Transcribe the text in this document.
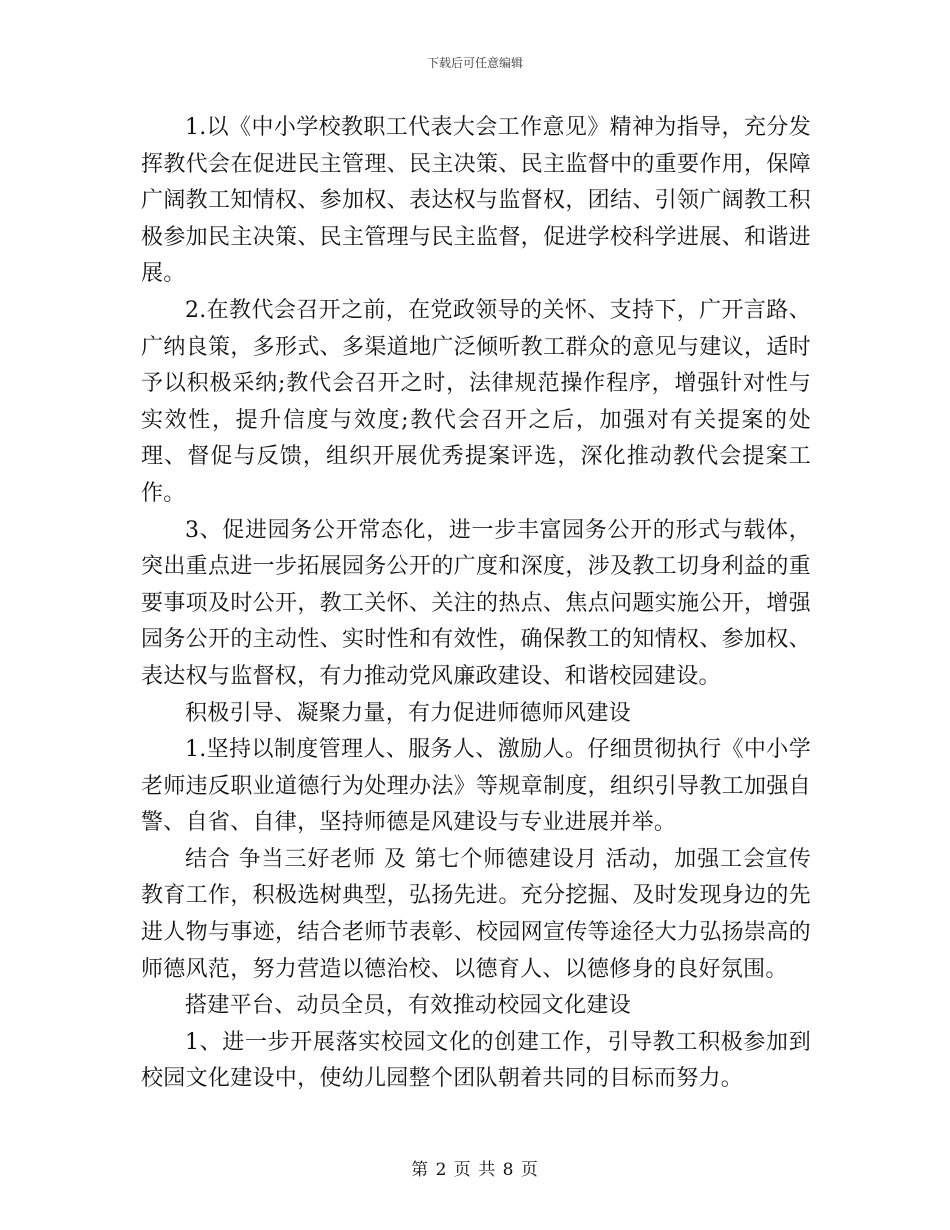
下载后可任意编辑

1.以《中小学校教职工代表大会工作意见》精神为指导，充分发挥教代会在促进民主管理、民主决策、民主监督中的重要作用，保障广阔教工知情权、参加权、表达权与监督权，团结、引领广阔教工积极参加民主决策、民主管理与民主监督，促进学校科学进展、和谐进展。

2.在教代会召开之前，在党政领导的关怀、支持下，广开言路、广纳良策，多形式、多渠道地广泛倾听教工群众的意见与建议，适时予以积极采纳;教代会召开之时，法律规范操作程序，增强针对性与实效性，提升信度与效度;教代会召开之后，加强对有关提案的处理、督促与反馈，组织开展优秀提案评选，深化推动教代会提案工作。

3、促进园务公开常态化，进一步丰富园务公开的形式与载体，突出重点进一步拓展园务公开的广度和深度，涉及教工切身利益的重要事项及时公开，教工关怀、关注的热点、焦点问题实施公开，增强园务公开的主动性、实时性和有效性，确保教工的知情权、参加权、表达权与监督权，有力推动党风廉政建设、和谐校园建设。

积极引导、凝聚力量，有力促进师德师风建设

1.坚持以制度管理人、服务人、激励人。仔细贯彻执行《中小学老师违反职业道德行为处理办法》等规章制度，组织引导教工加强自警、自省、自律，坚持师德是风建设与专业进展并举。

结合 争当三好老师 及 第七个师德建设月 活动，加强工会宣传教育工作，积极选树典型，弘扬先进。充分挖掘、及时发现身边的先进人物与事迹，结合老师节表彰、校园网宣传等途径大力弘扬崇高的师德风范，努力营造以德治校、以德育人、以德修身的良好氛围。

搭建平台、动员全员，有效推动校园文化建设

1、进一步开展落实校园文化的创建工作，引导教工积极参加到校园文化建设中，使幼儿园整个团队朝着共同的目标而努力。

第 2 页 共 8 页
